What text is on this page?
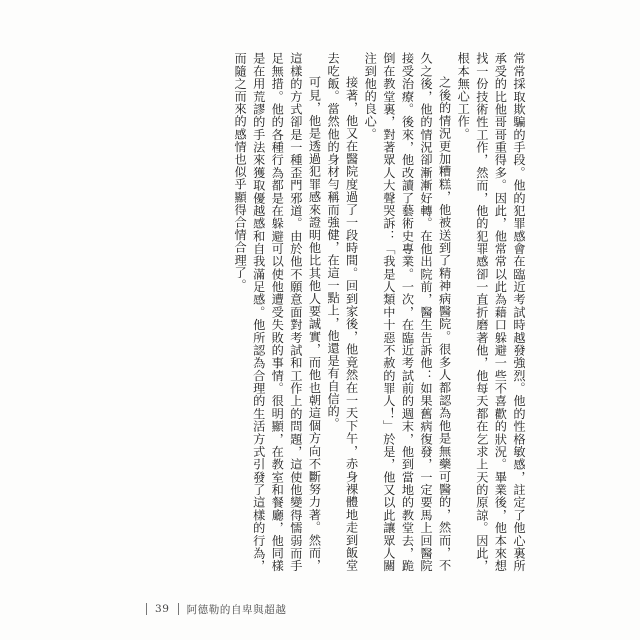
常常採取欺騙的手段。他的犯罪感會在臨近考試時越發強烈。他的性格敏感，註定了他心裏所承受的比他哥哥重得多。因此，他常常以此為藉口躲避一些不喜歡的狀況。畢業後，他本來想找一份技術性工作，然而，他的犯罪感卻一直折磨著他，他每天都在乞求上天的原諒。因此，根本無心工作。

之後的情況更加糟糕，他被送到了精神病醫院。很多人都認為他是無藥可醫的，然而，不久之後，他的情況卻漸漸好轉。在他出院前，醫生告訴他：如果舊病復發，一定要馬上回醫院接受治療。後來，他改讀了藝術史專業。一次，在臨近考試前的週末，他到當地的教堂去，跪倒在教堂裏，對著眾人大聲哭訴：「我是人類中十惡不赦的罪人！」於是，他又以此讓眾人關注到他的良心。

接著，他又在醫院度過了一段時間。回到家後，他竟然在一天下午，赤身裸體地走到飯堂去吃飯。當然他的身材勻稱而強健，在這一點上，他還是有自信的。

可見，他是透過犯罪感來證明他比其他人要誠實，而他也朝這個方向不斷努力著。然而，這樣的方式卻是一種歪門邪道。由於他不願意面對考試和工作上的問題，這使他變得懦弱而手足無措。他的各種行為都是在躲避可以使他遭受失敗的事情。很明顯，在教室和餐廳，他同樣是在用荒謬的手法來獲取優越感和自我滿足感。他所認為合理的生活方式引發了這樣的行為，而隨之而來的感情也似乎顯得合情合理了。

39 阿德勒的自卑與超越
